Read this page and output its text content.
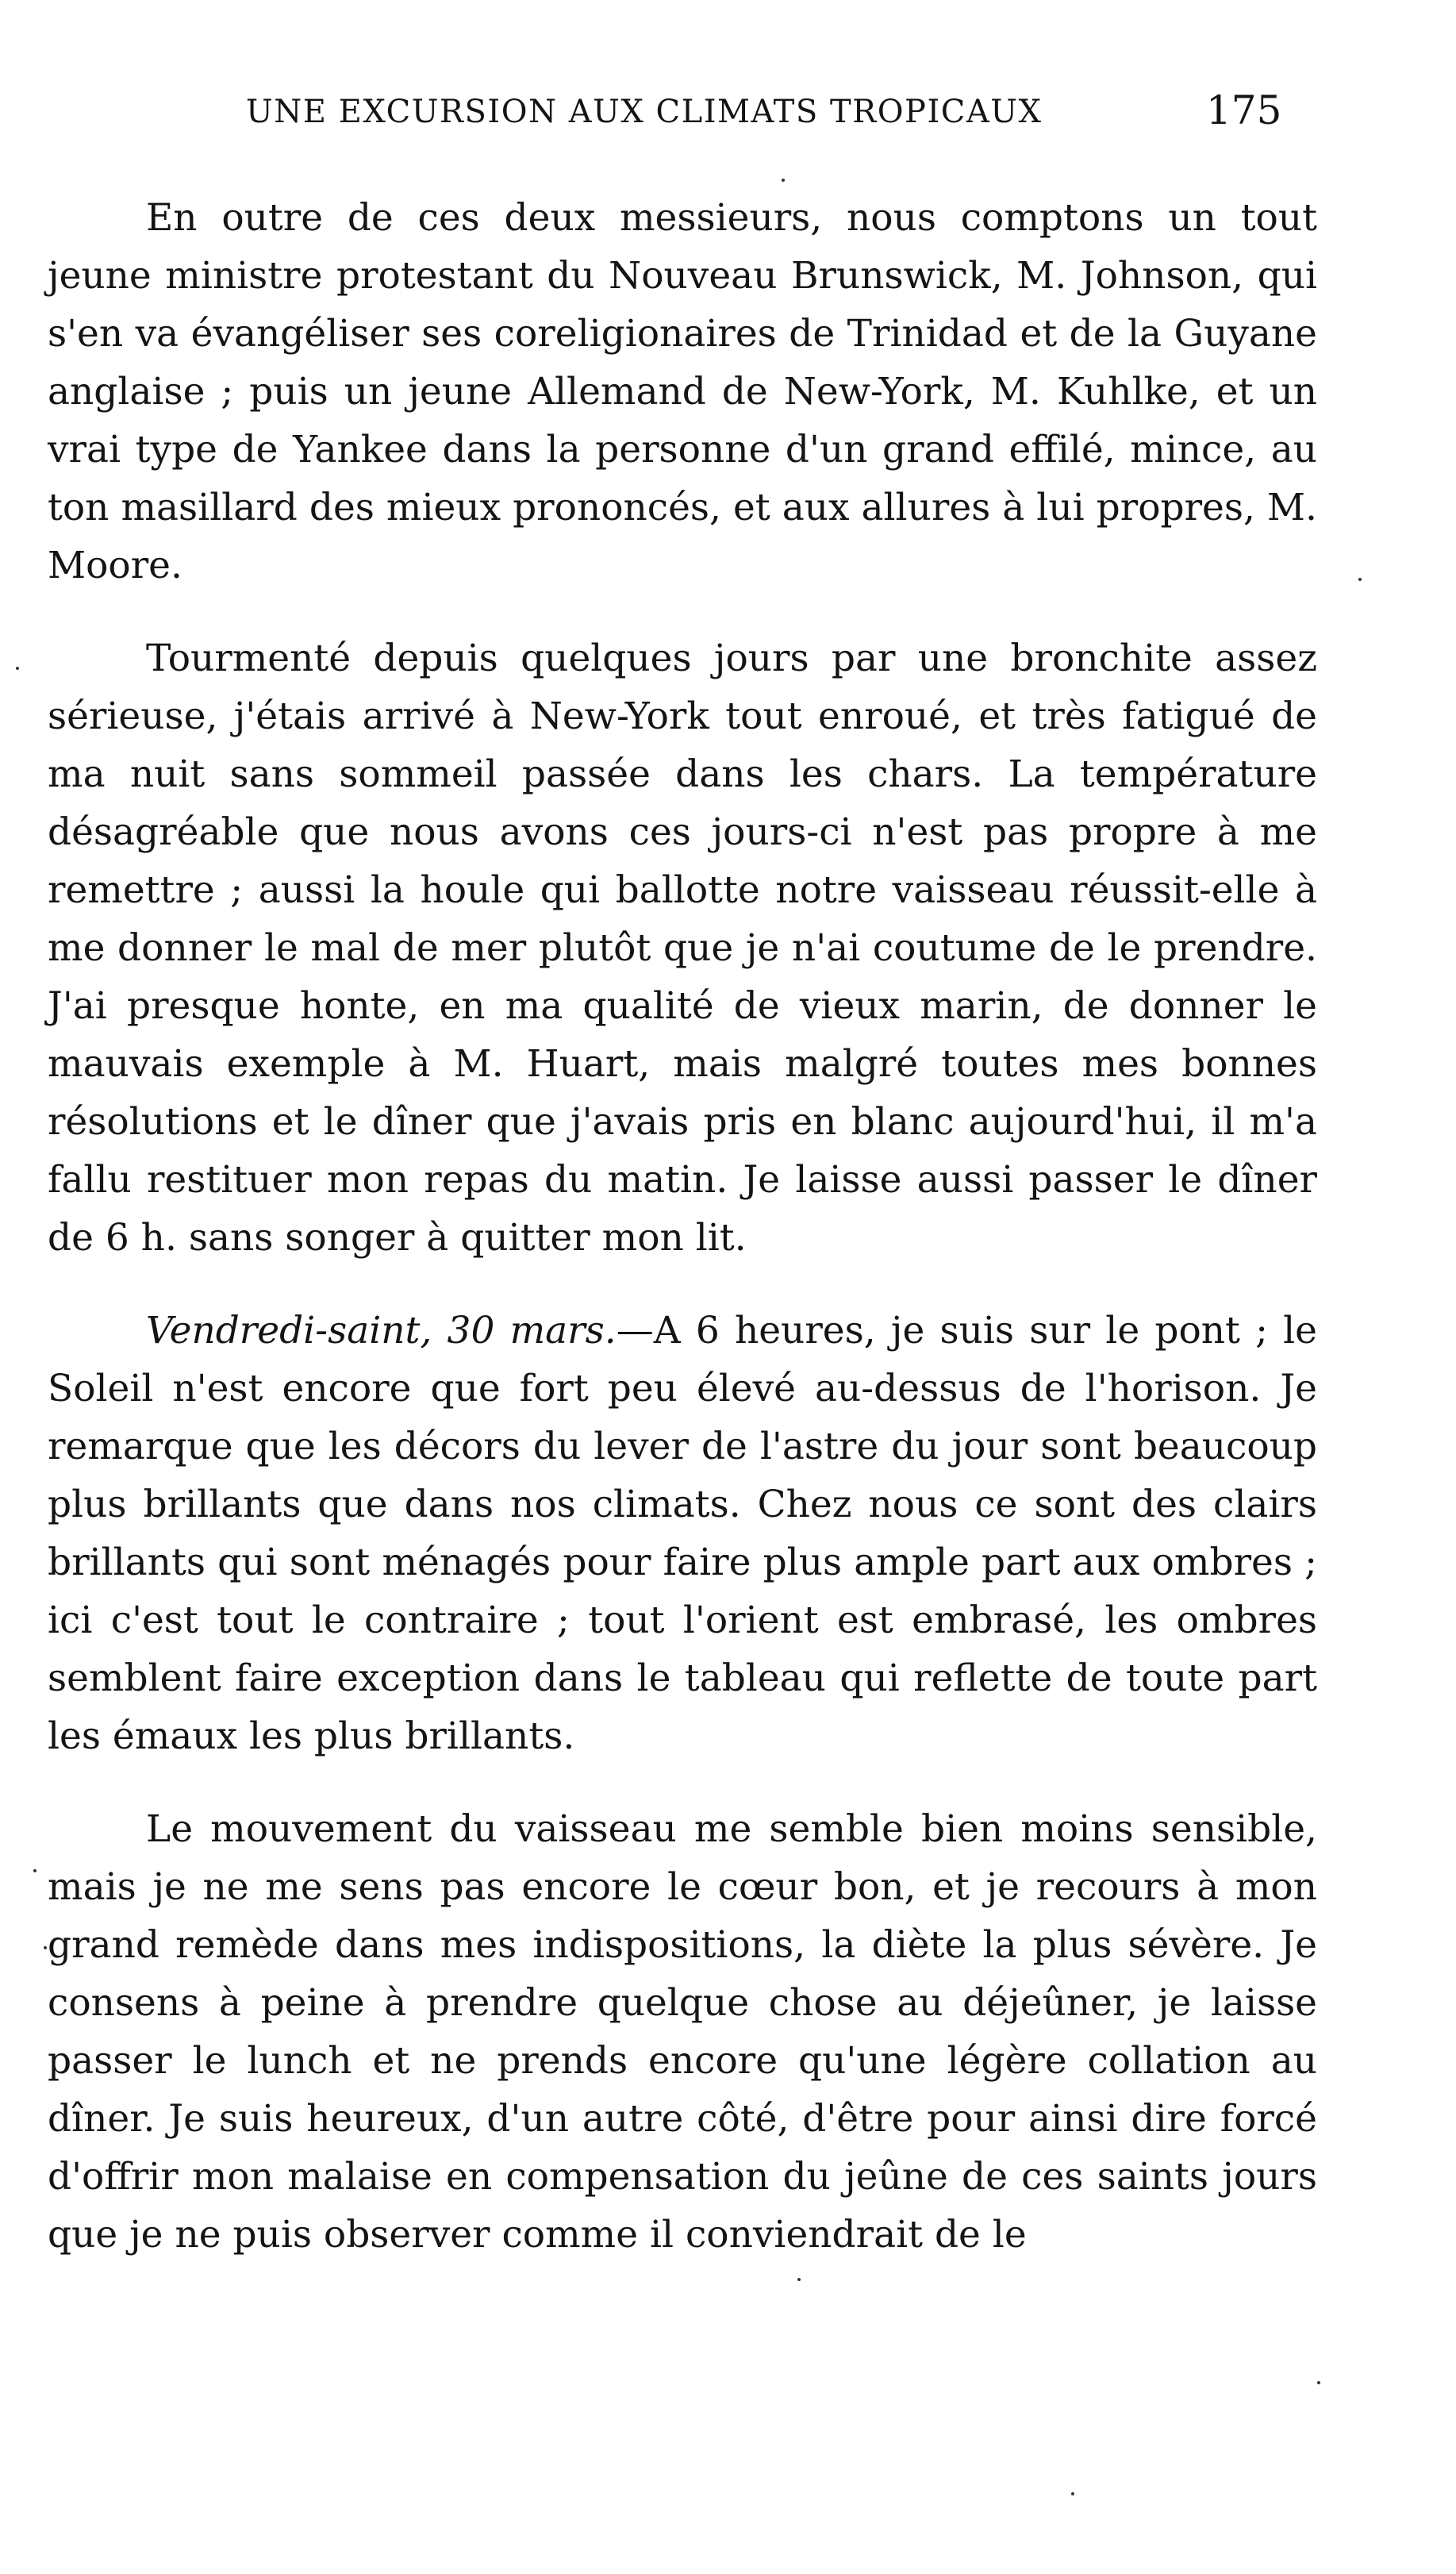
UNE EXCURSION AUX CLIMATS TROPICAUX	175

En outre de ces deux messieurs, nous comptons un tout jeune ministre protestant du Nouveau Brunswick, M. Johnson, qui s'en va évangéliser ses coreligionaires de Trinidad et de la Guyane anglaise ; puis un jeune Allemand de New-York, M. Kuhlke, et un vrai type de Yankee dans la personne d'un grand effilé, mince, au ton masillard des mieux prononcés, et aux allures à lui propres, M. Moore.

Tourmenté depuis quelques jours par une bronchite assez sérieuse, j'étais arrivé à New-York tout enroué, et très fatigué de ma nuit sans sommeil passée dans les chars. La température désagréable que nous avons ces jours-ci n'est pas propre à me remettre ; aussi la houle qui ballotte notre vaisseau réussit-elle à me donner le mal de mer plutôt que je n'ai coutume de le prendre. J'ai presque honte, en ma qualité de vieux marin, de donner le mauvais exemple à M. Huart, mais malgré toutes mes bonnes résolutions et le dîner que j'avais pris en blanc aujourd'hui, il m'a fallu restituer mon repas du matin. Je laisse aussi passer le dîner de 6 h. sans songer à quitter mon lit.

Vendredi-saint, 30 mars.—A 6 heures, je suis sur le pont ; le Soleil n'est encore que fort peu élevé au-dessus de l'horison. Je remarque que les décors du lever de l'astre du jour sont beaucoup plus brillants que dans nos climats. Chez nous ce sont des clairs brillants qui sont ménagés pour faire plus ample part aux ombres ; ici c'est tout le contraire ; tout l'orient est embrasé, les ombres semblent faire exception dans le tableau qui reflette de toute part les émaux les plus brillants.

Le mouvement du vaisseau me semble bien moins sensible, mais je ne me sens pas encore le cœur bon, et je recours à mon grand remède dans mes indispositions, la diète la plus sévère. Je consens à peine à prendre quelque chose au déjeûner, je laisse passer le lunch et ne prends encore qu'une légère collation au dîner. Je suis heureux, d'un autre côté, d'être pour ainsi dire forcé d'offrir mon malaise en compensation du jeûne de ces saints jours que je ne puis observer comme il conviendrait de le
